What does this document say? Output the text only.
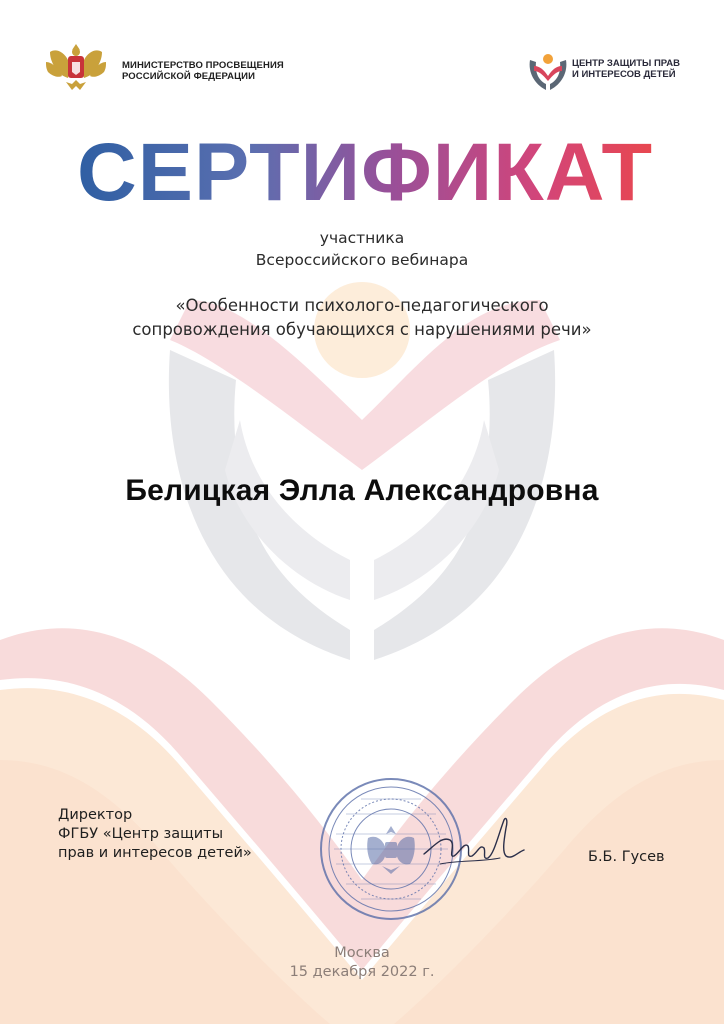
МИНИСТЕРСТВО ПРОСВЕЩЕНИЯ
РОССИЙСКОЙ ФЕДЕРАЦИИ
ЦЕНТР ЗАЩИТЫ ПРАВ
И ИНТЕРЕСОВ ДЕТЕЙ
СЕРТИФИКАТ
участника
Всероссийского вебинара
«Особенности психолого-педагогического
сопровождения обучающихся с нарушениями речи»
Белицкая Элла Александровна
Директор
ФГБУ «Центр защиты
прав и интересов детей»	Б.Б. Гусев
Москва
15 декабря 2022 г.
